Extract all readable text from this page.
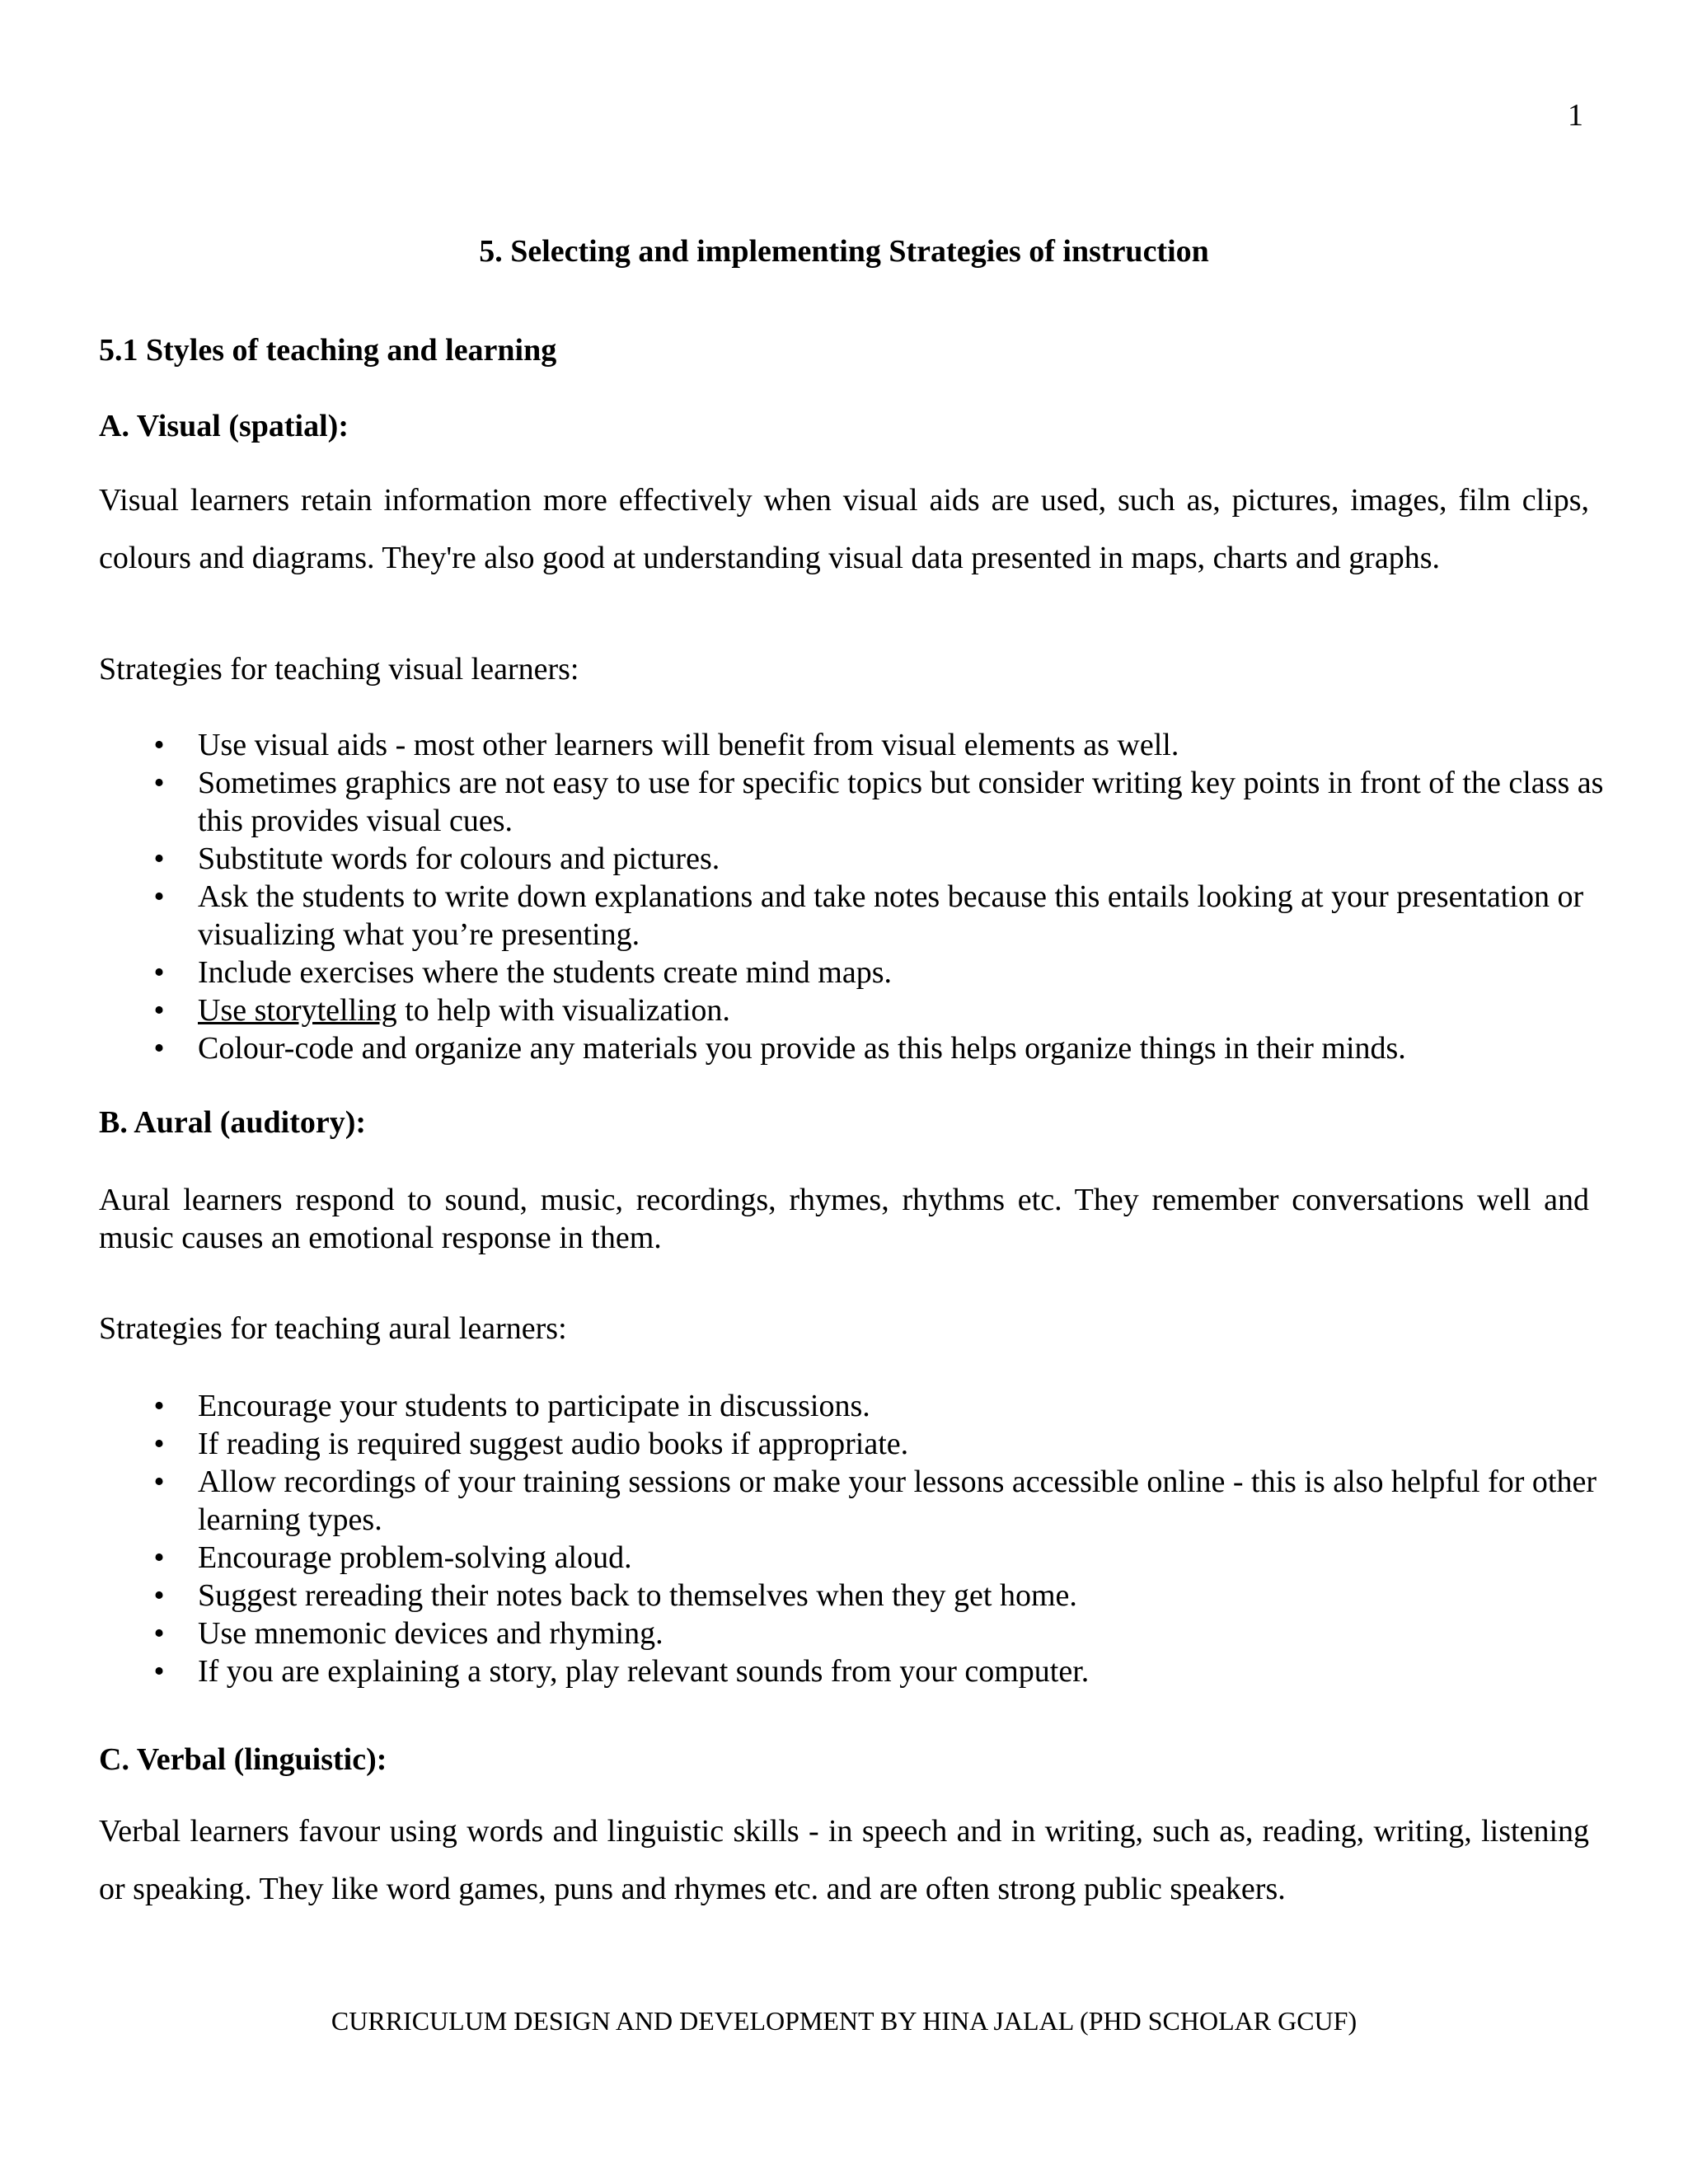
1
5. Selecting and implementing Strategies of instruction
5.1 Styles of teaching and learning
A. Visual (spatial):
Visual learners retain information more effectively when visual aids are used, such as, pictures, images, film clips, colours and diagrams. They're also good at understanding visual data presented in maps, charts and graphs.
Strategies for teaching visual learners:
• Use visual aids - most other learners will benefit from visual elements as well.
• Sometimes graphics are not easy to use for specific topics but consider writing key points in front of the class as this provides visual cues.
• Substitute words for colours and pictures.
• Ask the students to write down explanations and take notes because this entails looking at your presentation or visualizing what you’re presenting.
• Include exercises where the students create mind maps.
• Use storytelling to help with visualization.
• Colour-code and organize any materials you provide as this helps organize things in their minds.
B. Aural (auditory):
Aural learners respond to sound, music, recordings, rhymes, rhythms etc. They remember conversations well and music causes an emotional response in them.
Strategies for teaching aural learners:
• Encourage your students to participate in discussions.
• If reading is required suggest audio books if appropriate.
• Allow recordings of your training sessions or make your lessons accessible online - this is also helpful for other learning types.
• Encourage problem-solving aloud.
• Suggest rereading their notes back to themselves when they get home.
• Use mnemonic devices and rhyming.
• If you are explaining a story, play relevant sounds from your computer.
C. Verbal (linguistic):
Verbal learners favour using words and linguistic skills - in speech and in writing, such as, reading, writing, listening or speaking. They like word games, puns and rhymes etc. and are often strong public speakers.
CURRICULUM DESIGN AND DEVELOPMENT BY HINA JALAL (PHD SCHOLAR GCUF)
